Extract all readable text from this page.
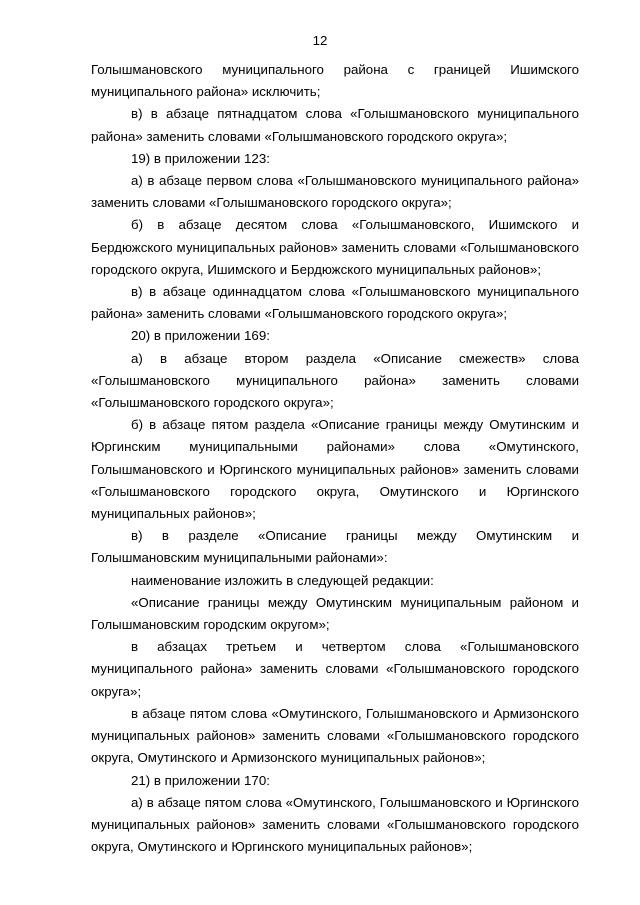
12

Голышмановского муниципального района с границей Ишимского муниципального района» исключить;

в) в абзаце пятнадцатом слова «Голышмановского муниципального района» заменить словами «Голышмановского городского округа»;

19) в приложении 123:

а) в абзаце первом слова «Голышмановского муниципального района» заменить словами «Голышмановского городского округа»;

б) в абзаце десятом слова «Голышмановского, Ишимского и Бердюжского муниципальных районов» заменить словами «Голышмановского городского округа, Ишимского и Бердюжского муниципальных районов»;

в) в абзаце одиннадцатом слова «Голышмановского муниципального района» заменить словами «Голышмановского городского округа»;

20) в приложении 169:

а) в абзаце втором раздела «Описание смежеств» слова «Голышмановского муниципального района» заменить словами «Голышмановского городского округа»;

б) в абзаце пятом раздела «Описание границы между Омутинским и Юргинским муниципальными районами» слова «Омутинского, Голышмановского и Юргинского муниципальных районов» заменить словами «Голышмановского городского округа, Омутинского и Юргинского муниципальных районов»;

в) в разделе «Описание границы между Омутинским и Голышмановским муниципальными районами»:

наименование изложить в следующей редакции:

«Описание границы между Омутинским муниципальным районом и Голышмановским городским округом»;

в абзацах третьем и четвертом слова «Голышмановского муниципального района» заменить словами «Голышмановского городского округа»;

в абзаце пятом слова «Омутинского, Голышмановского и Армизонского муниципальных районов» заменить словами «Голышмановского городского округа, Омутинского и Армизонского муниципальных районов»;

21) в приложении 170:

а) в абзаце пятом слова «Омутинского, Голышмановского и Юргинского муниципальных районов» заменить словами «Голышмановского городского округа, Омутинского и Юргинского муниципальных районов»;
